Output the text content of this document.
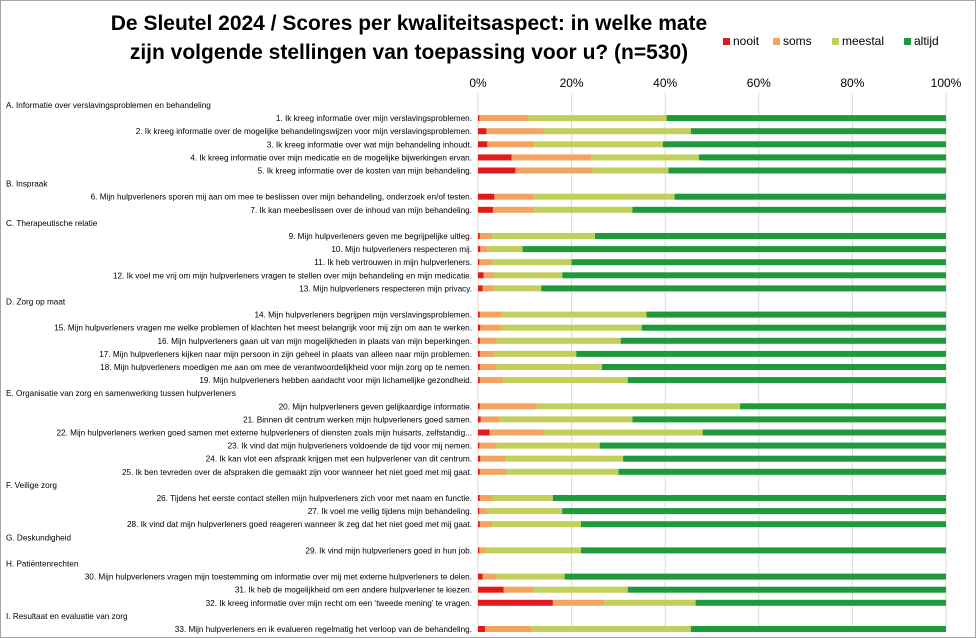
De Sleutel 2024 / Scores per kwaliteitsaspect: in welke mate
zijn volgende stellingen van toepassing voor u? (n=530)	nooit soms	meestal altijd
0%	20%	40%	60%	80%	100%
A. Informatie over verslavingsproblemen en behandeling
1. Ik kreeg informatie over mijn verslavingsproblemen.
2. Ik kreeg informatie over de mogelijke behandelingswijzen voor mijn verslavingsproblemen.
3. Ik kreeg informatie over wat mijn behandeling inhoudt.
4. Ik kreeg informatie over mijn medicatie en de mogelijke bijwerkingen ervan.
5. Ik kreeg informatie over de kosten van mijn behandeling.
B. Inspraak
6. Mijn hulpverleners sporen mij aan om mee te beslissen over mijn behandeling, onderzoek en/of testen.
7. Ik kan meebeslissen over de inhoud van mijn behandeling.
C. Therapeutische relatie
9. Mijn hulpverleners geven me begrijpelijke uitleg.
10. Mijn hulpverleners respecteren mij.
11. Ik heb vertrouwen in mijn hulpverleners.
12. Ik voel me vrij om mijn hulpverleners vragen te stellen over mijn behandeling en mijn medicatie.
13. Mijn hulpverleners respecteren mijn privacy.
D. Zorg op maat
14. Mijn hulpverleners begrijpen mijn verslavingsproblemen.
15. Mijn hulpverleners vragen me welke problemen of klachten het meest belangrijk voor mij zijn om aan te werken.
16. Mijn hulpverleners gaan uit van mijn mogelijkheden in plaats van mijn beperkingen.
17. Mijn hulpverleners kijken naar mijn persoon in zijn geheel in plaats van alleen naar mijn problemen.
18. Mijn hulpverleners moedigen me aan om mee de verantwoordelijkheid voor mijn zorg op te nemen.
19. Mijn hulpverleners hebben aandacht voor mijn lichamelijke gezondheid.
E. Organisatie van zorg en samenwerking tussen hulpverleners
20. Mijn hulpverleners geven gelijkaardige informatie.
21. Binnen dit centrum werken mijn hulpverleners goed samen.
22. Mijn hulpverleners werken goed samen met externe hulpverleners of diensten zoals mijn huisarts, zelfstandig...
23. Ik vind dat mijn hulpverleners voldoende de tijd voor mij nemen.
24. Ik kan vlot een afspraak krijgen met een hulpverlener van dit centrum.
25. Ik ben tevreden over de afspraken die gemaakt zijn voor wanneer het niet goed met mij gaat.
F. Veilige zorg
26. Tijdens het eerste contact stellen mijn hulpverleners zich voor met naam en functie.
27. Ik voel me veilig tijdens mijn behandeling.
28. Ik vind dat mijn hulpverleners goed reageren wanneer ik zeg dat het niet goed met mij gaat.
G. Deskundigheid
29. Ik vind mijn hulpverleners goed in hun job.
H. Patiëntenrechten
30. Mijn hulpverleners vragen mijn toestemming om informatie over mij met externe hulpverleners te delen.
31. Ik heb de mogelijkheid om een andere hulpverlener te kiezen.
32. Ik kreeg informatie over mijn recht om een ‘tweede mening’ te vragen.
I. Resultaat en evaluatie van zorg
33. Mijn hulpverleners en ik evalueren regelmatig het verloop van de behandeling.
